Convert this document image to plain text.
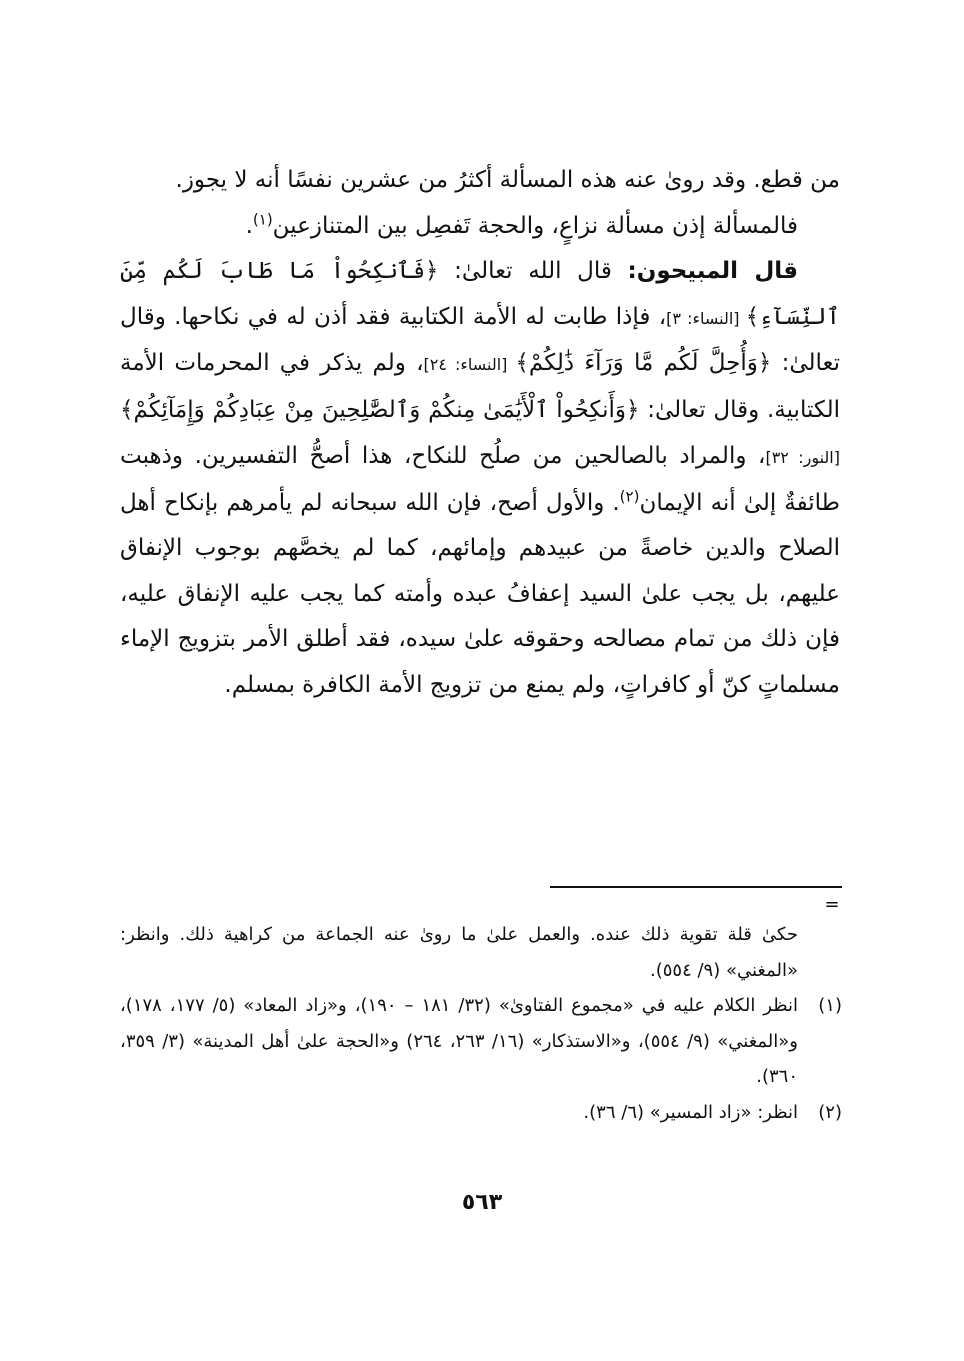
من قطع. وقد روىٰ عنه هذه المسألة أكثرُ من عشرين نفسًا أنه لا يجوز.

فالمسألة إذن مسألة نزاعٍ، والحجة تَفصِل بين المتنازعين$^{(١)}$.

قال المبيحون: قال الله تعالىٰ: ﴿فَٱنكِحُواْ مَا طَابَ لَكُم مِّنَ ٱلنِّسَآءِ﴾ [النساء: ٣]، فإذا طابت له الأمة الكتابية فقد أذن له في نكاحها. وقال تعالىٰ: ﴿وَأُحِلَّ لَكُم مَّا وَرَآءَ ذَٰلِكُمْ﴾ [النساء: ٢٤]، ولم يذكر في المحرمات الأمة الكتابية. وقال تعالىٰ: ﴿وَأَنكِحُواْ ٱلْأَيَٰمَىٰ مِنكُمْ وَٱلصَّٰلِحِينَ مِنْ عِبَادِكُمْ وَإِمَآئِكُمْ﴾ [النور: ٣٢]، والمراد بالصالحين من صلُح للنكاح، هذا أصحُّ التفسيرين. وذهبت طائفةٌ إلىٰ أنه الإيمان$^{(٢)}$. والأول أصح، فإن الله سبحانه لم يأمرهم بإنكاح أهل الصلاح والدين خاصةً من عبيدهم وإمائهم، كما لم يخصَّهم بوجوب الإنفاق عليهم، بل يجب علىٰ السيد إعفافُ عبده وأمته كما يجب عليه الإنفاق عليه، فإن ذلك من تمام مصالحه وحقوقه علىٰ سيده، فقد أطلق الأمر بتزويج الإماء مسلماتٍ كنّ أو كافراتٍ، ولم يمنع من تزويج الأمة الكافرة بمسلم.

=
حكىٰ قلة تقوية ذلك عنده. والعمل علىٰ ما روىٰ عنه الجماعة من كراهية ذلك. وانظر: «المغني» (٩/ ٥٥٤).
(١)
انظر الكلام عليه في «مجموع الفتاوىٰ» (٣٢/ ١٨١ – ١٩٠)، و«زاد المعاد» (٥/ ١٧٧، ١٧٨)، و«المغني» (٩/ ٥٥٤)، و«الاستذكار» (١٦/ ٢٦٣، ٢٦٤) و«الحجة علىٰ أهل المدينة» (٣/ ٣٥٩، ٣٦٠).
(٢)
انظر: «زاد المسير» (٦/ ٣٦).
٥٦٣
